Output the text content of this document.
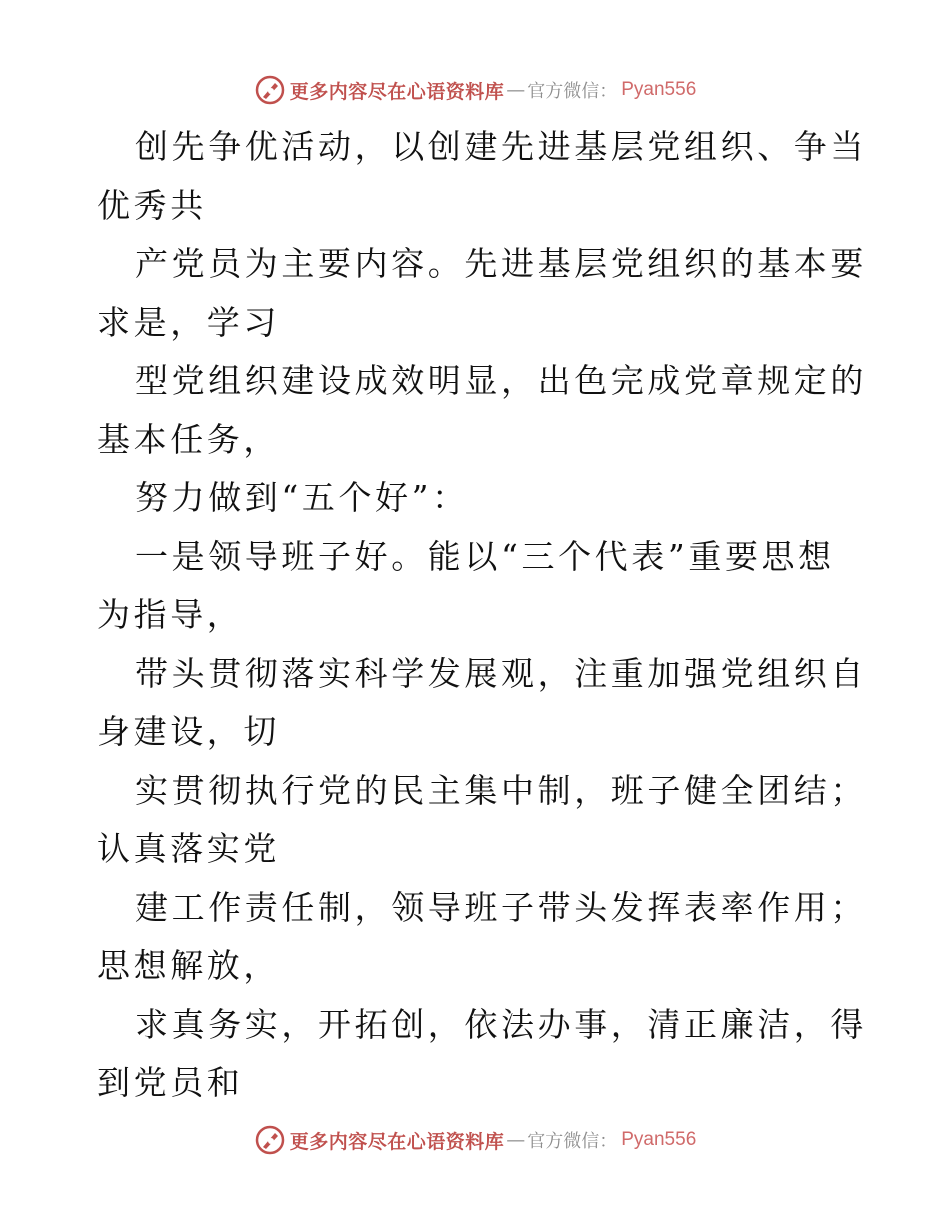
更多内容尽在心语资料库 — 官方微信： Pyan556

创先争优活动，以创建先进基层党组织、争当优秀共

产党员为主要内容。先进基层党组织的基本要求是，学习

型党组织建设成效明显，出色完成党章规定的基本任务，

努力做到“五个好”：

一是领导班子好。能以“三个代表”重要思想为指导，

带头贯彻落实科学发展观，注重加强党组织自身建设，切

实贯彻执行党的民主集中制，班子健全团结；认真落实党

建工作责任制，领导班子带头发挥表率作用；思想解放，

求真务实，开拓创，依法办事，清正廉洁，得到党员和

更多内容尽在心语资料库 — 官方微信： Pyan556
